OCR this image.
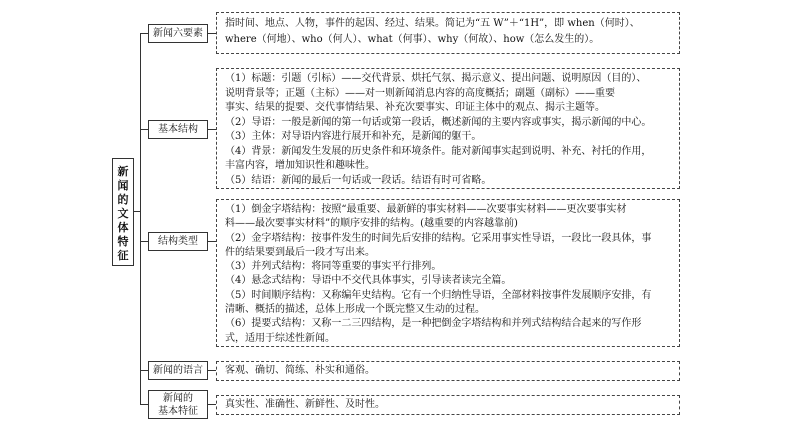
新
闻
的
文
体
特
征
新闻六要素
指时间、地点、人物，事件的起因、经过、结果。简记为“五 W”＋“1H”，即 when（何时）、
where（何地）、who（何人）、what（何事）、why（何故）、how（怎么发生的）。
基本结构
（1）标题：引题（引标）——交代背景、烘托气氛、揭示意义、提出问题、说明原因（目的）、
说明背景等；正题（主标）——对一则新闻消息内容的高度概括；副题（副标）——重要
事实、结果的提要、交代事情结果、补充次要事实、印证主体中的观点、揭示主题等。
（2）导语：一般是新闻的第一句话或第一段话，概述新闻的主要内容或事实，揭示新闻的中心。
（3）主体：对导语内容进行展开和补充，是新闻的躯干。
（4）背景：新闻发生发展的历史条件和环境条件。能对新闻事实起到说明、补充、衬托的作用，
丰富内容，增加知识性和趣味性。
（5）结语：新闻的最后一句话或一段话。结语有时可省略。
结构类型
（1）倒金字塔结构：按照“最重要、最新鲜的事实材料——次要事实材料——更次要事实材
料——最次要事实材料”的顺序安排的结构。(越重要的内容越靠前)
（2）金字塔结构：按事件发生的时间先后安排的结构。它采用事实性导语，一段比一段具体，事
件的结果要到最后一段才写出来。
（3）并列式结构：将同等重要的事实平行排列。
（4）悬念式结构：导语中不交代具体事实，引导读者读完全篇。
（5）时间顺序结构：又称编年史结构。它有一个归纳性导语，全部材料按事件发展顺序安排，有
清晰、概括的描述，总体上形成一个既完整又生动的过程。
（6）提要式结构：又称一二三四结构，是一种把倒金字塔结构和并列式结构结合起来的写作形
式，适用于综述性新闻。
新闻的语言 客观、确切、简练、朴实和通俗。
新闻的
基本特征
真实性、准确性、新鲜性、及时性。
